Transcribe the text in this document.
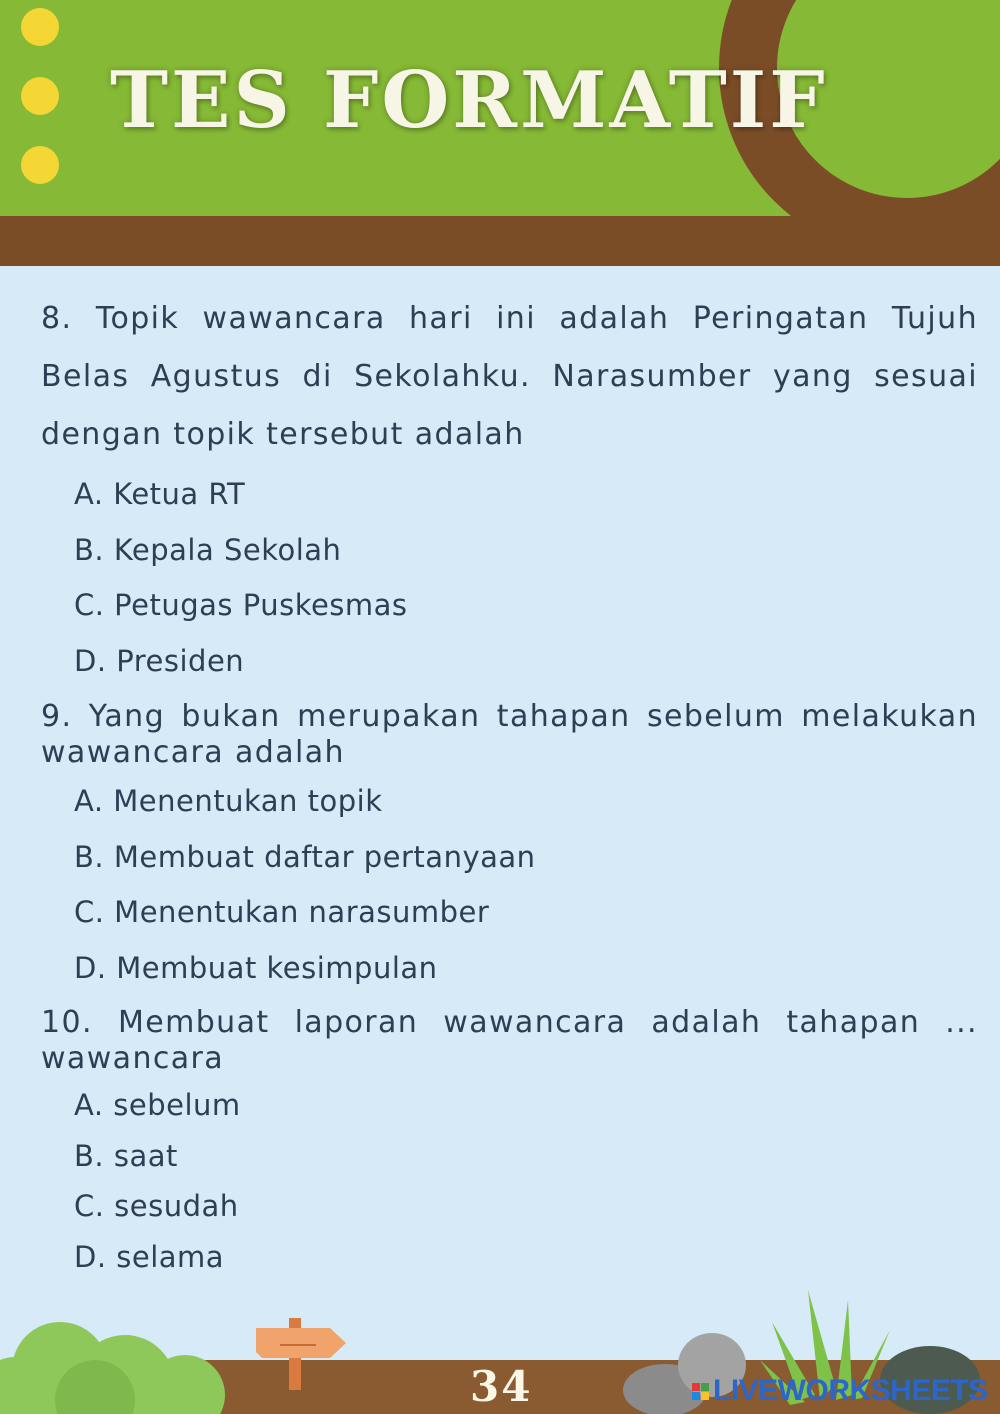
TES FORMATIF

8. Topik wawancara hari ini adalah Peringatan Tujuh Belas Agustus di Sekolahku. Narasumber yang sesuai dengan topik tersebut adalah

A. Ketua RT
B. Kepala Sekolah
C. Petugas Puskesmas
D. Presiden

9. Yang bukan merupakan tahapan sebelum melakukan wawancara adalah

A. Menentukan topik
B. Membuat daftar pertanyaan
C. Menentukan narasumber
D. Membuat kesimpulan

10. Membuat laporan wawancara adalah tahapan ... wawancara

A. sebelum
B. saat
C. sesudah
D. selama
34	LIVEWORKSHEETS
